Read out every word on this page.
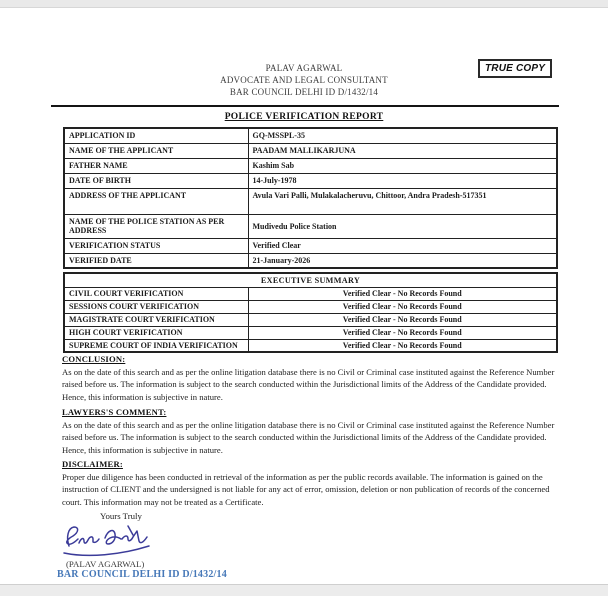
PALAV AGARWAL
ADVOCATE AND LEGAL CONSULTANT
BAR COUNCIL DELHI ID D/1432/14
TRUE COPY
POLICE VERIFICATION REPORT
APPLICATION ID	GQ-MSSPL-35
NAME OF THE APPLICANT	PAADAM MALLIKARJUNA
FATHER NAME	Kashim Sab
DATE OF BIRTH	14-July-1978
ADDRESS OF THE APPLICANT	Avula Vari Palli, Mulakalacheruvu, Chittoor, Andra Pradesh-517351
NAME OF THE POLICE STATION AS PER ADDRESS	Mudivedu Police Station
VERIFICATION STATUS	Verified Clear
VERIFIED DATE	21-January-2026
EXECUTIVE SUMMARY	
CIVIL COURT VERIFICATION	Verified Clear - No Records Found
SESSIONS COURT VERIFICATION	Verified Clear - No Records Found
MAGISTRATE COURT VERIFICATION	Verified Clear - No Records Found
HIGH COURT VERIFICATION	Verified Clear - No Records Found
SUPREME COURT OF INDIA VERIFICATION	Verified Clear - No Records Found
CONCLUSION:
As on the date of this search and as per the online litigation database there is no Civil or Criminal case instituted against the Reference Number raised before us. The information is subject to the search conducted within the Jurisdictional limits of the Address of the Candidate provided. Hence, this information is subjective in nature.
LAWYERS'S COMMENT:
As on the date of this search and as per the online litigation database there is no Civil or Criminal case instituted against the Reference Number raised before us. The information is subject to the search conducted within the Jurisdictional limits of the Address of the Candidate provided. Hence, this information is subjective in nature.
DISCLAIMER:
Proper due diligence has been conducted in retrieval of the information as per the public records available. The information is gained on the instruction of CLIENT and the undersigned is not liable for any act of error, omission, deletion or non publication of records of the concerned court. This information may not be treated as a Certificate.
Yours Truly
(PALAV AGARWAL)
BAR COUNCIL DELHI ID D/1432/14
